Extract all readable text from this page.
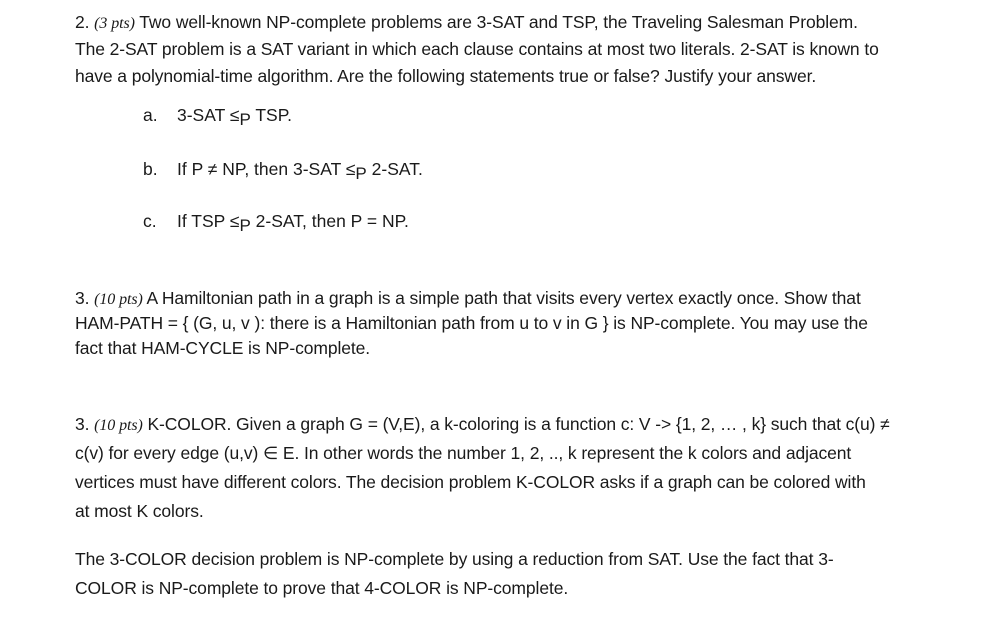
2. (3 pts) Two well-known NP-complete problems are 3-SAT and TSP, the Traveling Salesman Problem.
The 2-SAT problem is a SAT variant in which each clause contains at most two literals. 2-SAT is known to
have a polynomial-time algorithm. Are the following statements true or false? Justify your answer.
a. 3-SAT ≤P TSP.
b. If P ≠ NP, then 3-SAT ≤P 2-SAT.
c. If TSP ≤P 2-SAT, then P = NP.
3. (10 pts) A Hamiltonian path in a graph is a simple path that visits every vertex exactly once. Show that
HAM-PATH = { (G, u, v ): there is a Hamiltonian path from u to v in G } is NP-complete. You may use the
fact that HAM-CYCLE is NP-complete.
3. (10 pts) K-COLOR. Given a graph G = (V,E), a k-coloring is a function c: V -> {1, 2, … , k} such that c(u) ≠
c(v) for every edge (u,v) ∈ E. In other words the number 1, 2, .., k represent the k colors and adjacent
vertices must have different colors. The decision problem K-COLOR asks if a graph can be colored with
at most K colors.
The 3-COLOR decision problem is NP-complete by using a reduction from SAT. Use the fact that 3-
COLOR is NP-complete to prove that 4-COLOR is NP-complete.
